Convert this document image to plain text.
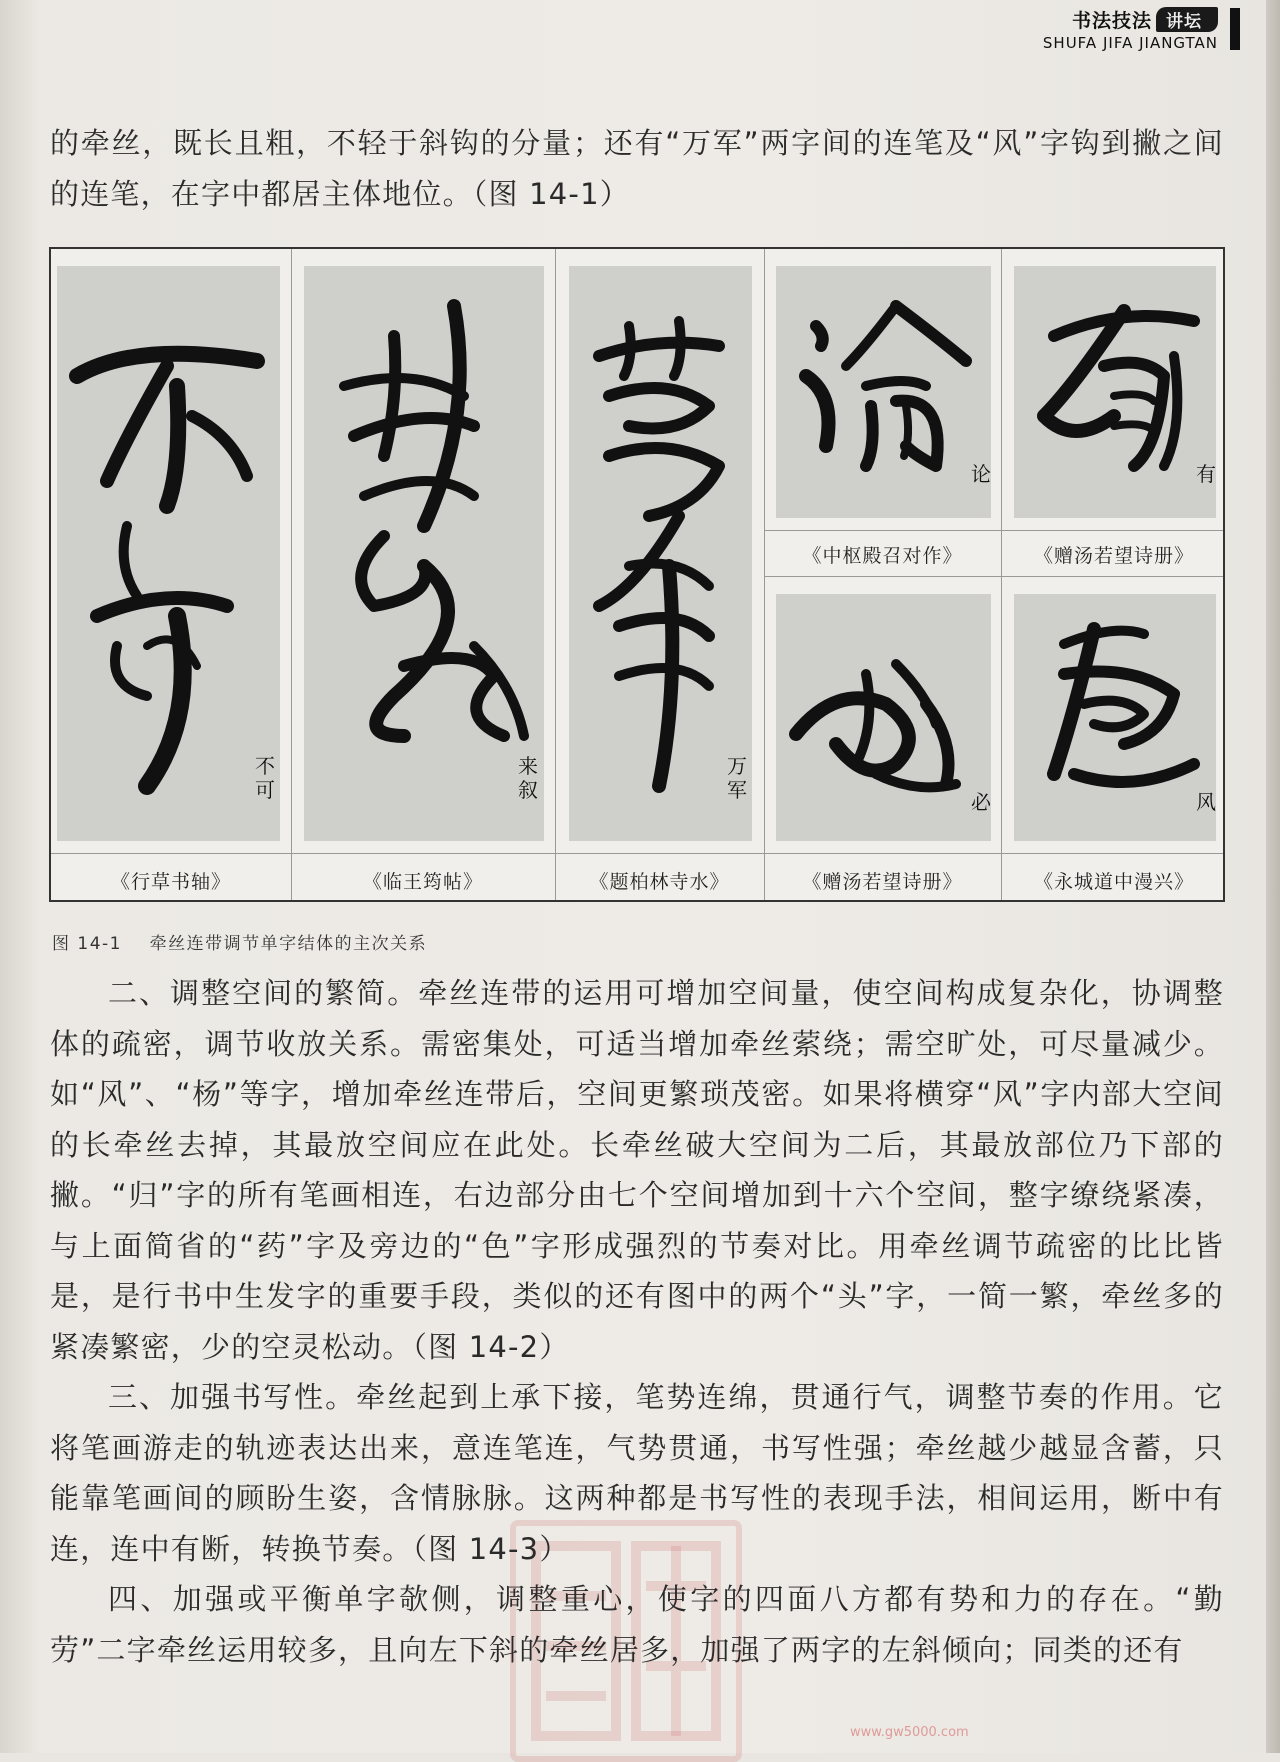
书法技法 讲坛
SHUFA JIFA JIANGTAN

的牵丝，既长且粗，不轻于斜钩的分量；还有“万军”两字间的连笔及“风”字钩到撇之间的连笔，在字中都居主体地位。（图 14-1）

不
可
《行草书轴》
来
叙
《临王筠帖》
万
军
《题柏林寺水》
论
《中枢殿召对作》
有
《赠汤若望诗册》
必
《赠汤若望诗册》
风
《永城道中漫兴》
图 14-1 牵丝连带调节单字结体的主次关系

二、调整空间的繁简。牵丝连带的运用可增加空间量，使空间构成复杂化，协调整体的疏密，调节收放关系。需密集处，可适当增加牵丝萦绕；需空旷处，可尽量减少。如“风”、“杨”等字，增加牵丝连带后，空间更繁琐茂密。如果将横穿“风”字内部大空间的长牵丝去掉，其最放空间应在此处。长牵丝破大空间为二后，其最放部位乃下部的撇。“归”字的所有笔画相连，右边部分由七个空间增加到十六个空间，整字缭绕紧凑，与上面简省的“药”字及旁边的“色”字形成强烈的节奏对比。用牵丝调节疏密的比比皆是，是行书中生发字的重要手段，类似的还有图中的两个“头”字，一简一繁，牵丝多的紧凑繁密，少的空灵松动。（图 14-2）

三、加强书写性。牵丝起到上承下接，笔势连绵，贯通行气，调整节奏的作用。它将笔画游走的轨迹表达出来，意连笔连，气势贯通，书写性强；牵丝越少越显含蓄，只能靠笔画间的顾盼生姿，含情脉脉。这两种都是书写性的表现手法，相间运用，断中有连，连中有断，转换节奏。（图 14-3）

四、加强或平衡单字欹侧，调整重心，使字的四面八方都有势和力的存在。“勤劳”二字牵丝运用较多，且向左下斜的牵丝居多，加强了两字的左斜倾向；同类的还有

www.gw5000.com
